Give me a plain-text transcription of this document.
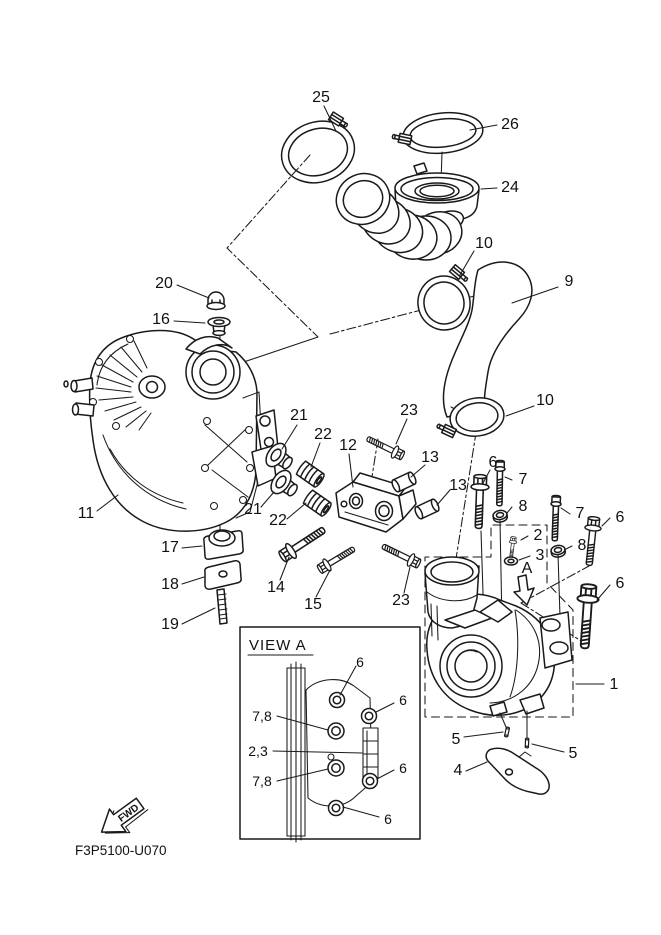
25
26
24
10
9
10
20
16
11
21
22
12
23
13
13
21
22
17
18
19
14
15	23
6
7
8
2
3
7 6
8
6
1
5
5
4
A
VIEW A
6
6
7,8
2,3
7,8
6
6
FWD
F3P5100-U070
